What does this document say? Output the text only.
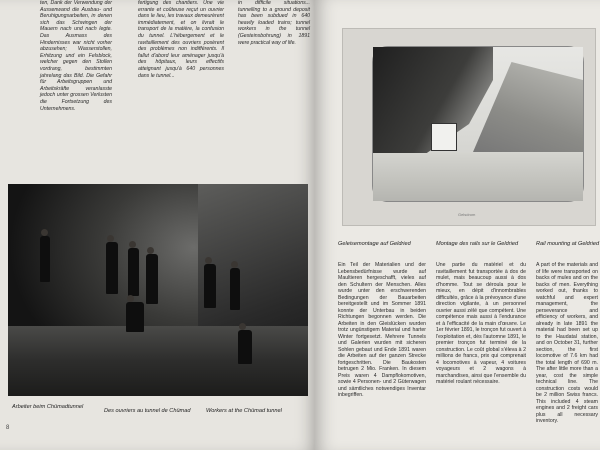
ten, Dank der Verwendung der Aussenwand die Ausbau- und Beruhigungsarbeiten, in denen sich das Schwingen der Mauern nach und nach legte. Das Ausmass des Hindernisses war nicht vorher abzusehen; Wasserstollen, Erhitzung und ein Felsblock, welcher gegen den Stollen vordrang, bestimmten jahrelang das Bild. Die Gefahr für Arbeitsgruppen und Arbeitskräfte veranlasste jedoch unter grossen Verlusten die Fortsetzung des Unternehmens.

fertigung des chantiers. Une vie errante et coûteuse reçut un ouvrier dans le lieu, les travaux demeurèrent immédiatement, et on livrait le transport de la matière, la confusion du tunnel. L'hébergement et le ravitaillement des ouvriers posèrent des problèmes non indifférents. Il fallut d'abord leur aménager jusqu'à des hôpitaux, leurs effectifs atteignant jusqu'à 640 personnes dans le tunnel...

in difficile situations... tunnelling to a ground deposit has been subdued in 640 heavily loaded trains; tunnel workers in the tunnel (Gesteinsbohrung) in 1891 were practical way of life.

Arbeiter beim Chümadtunnel
Des ouvriers au tunnel de Chümad	Workers at the Chümad tunnel
8
Gelsdrom
Geleisemontage auf Geldried	Montage des rails sur le Geldried	Rail mounting at Geldried

Ein Teil der Materialien und der Lebensbedürfnisse wurde auf Maultieren hergeschafft, vieles auf den Schultern der Menschen. Alles wurde unter den erschwerenden Bedingungen der Bauarbeiten bereitgestellt und im Sommer 1891 konnte der Unterbau in beiden Richtungen begonnen werden. Die Arbeiten in den Gleislücken wurden trotz ungünstigem Material und harter Winter fortgesetzt. Mehrere Tunnels und Galerien wurden mit sicheren Sohlen gebaut und Ende 1891 waren die Arbeiten auf der ganzen Strecke fortgeschritten. Die Baukosten betrugen 2 Mio. Franken. In diesem Preis waren 4 Dampflokomotiven, sowie 4 Personen- und 2 Güterwagen und sämtliches notwendiges Inventar inbegriffen.

Une partie du matériel et du ravitaillement fut transportée à dos de mulet, mais beaucoup aussi à dos d'homme. Tout se déroula pour le mieux, en dépit d'innombrables difficultés, grâce à la prévoyance d'une direction vigilante, à un personnel ouvrier aussi zélé que compétent. Une compétence mais aussi à l'endurance et à l'efficacité de la main d'œuvre. Le 1er février 1891, le tronçon fut ouvert à l'exploitation et, dès l'automne 1891, le premier tronçon fut terminé de la construction. Le coût global s'éleva à 2 millions de francs, prix qui comprenait 4 locomotives à vapeur, 4 voitures voyageurs et 2 wagons à marchandises, ainsi que l'ensemble du matériel roulant nécessaire.

A part of the materials and of life were transported on backs of mules and on the backs of men. Everything worked out, thanks to watchful and expert management, the perseverance and efficiency of workers, and already in late 1891 the material had been set up to the Haudatal station, and on October 31, further section, the first locomotive of 7.6 km had the total length of 690 m. The after little more than a year, cost the simple technical line. The construction costs would be 2 million Swiss francs. This included 4 steam engines and 2 freight cars plus all necessary inventory.
